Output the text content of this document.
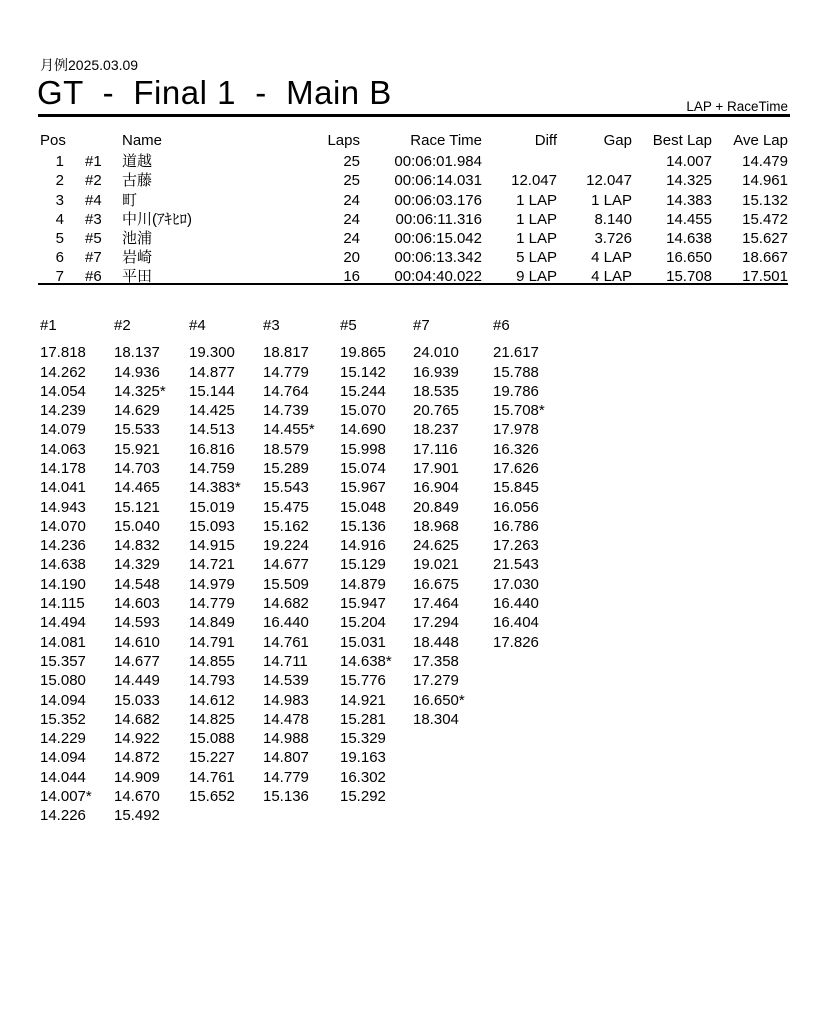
月例2025.03.09
GT  -  Final 1  -  Main B	LAP + RaceTime
Pos		Name	Laps	Race Time	Diff	Gap	Best Lap	Ave Lap
1	#1	道越	25	00:06:01.984			14.007	14.479
2	#2	古藤	25	00:06:14.031	12.047	12.047	14.325	14.961
3	#4	町	24	00:06:03.176	1 LAP	1 LAP	14.383	15.132
4	#3	中川(ｱｷﾋﾛ)	24	00:06:11.316	1 LAP	8.140	14.455	15.472
5	#5	池浦	24	00:06:15.042	1 LAP	3.726	14.638	15.627
6	#7	岩崎	20	00:06:13.342	5 LAP	4 LAP	16.650	18.667
7	#6	平田	16	00:04:40.022	9 LAP	4 LAP	15.708	17.501
#1	#2	#4	#3	#5	#7	#6
17.818	18.137	19.300	18.817	19.865	24.010	21.617
14.262	14.936	14.877	14.779	15.142	16.939	15.788
14.054	14.325*	15.144	14.764	15.244	18.535	19.786
14.239	14.629	14.425	14.739	15.070	20.765	15.708*
14.079	15.533	14.513	14.455*	14.690	18.237	17.978
14.063	15.921	16.816	18.579	15.998	17.116	16.326
14.178	14.703	14.759	15.289	15.074	17.901	17.626
14.041	14.465	14.383*	15.543	15.967	16.904	15.845
14.943	15.121	15.019	15.475	15.048	20.849	16.056
14.070	15.040	15.093	15.162	15.136	18.968	16.786
14.236	14.832	14.915	19.224	14.916	24.625	17.263
14.638	14.329	14.721	14.677	15.129	19.021	21.543
14.190	14.548	14.979	15.509	14.879	16.675	17.030
14.115	14.603	14.779	14.682	15.947	17.464	16.440
14.494	14.593	14.849	16.440	15.204	17.294	16.404
14.081	14.610	14.791	14.761	15.031	18.448	17.826
15.357	14.677	14.855	14.711	14.638*	17.358	
15.080	14.449	14.793	14.539	15.776	17.279	
14.094	15.033	14.612	14.983	14.921	16.650*	
15.352	14.682	14.825	14.478	15.281	18.304	
14.229	14.922	15.088	14.988	15.329		
14.094	14.872	15.227	14.807	19.163		
14.044	14.909	14.761	14.779	16.302		
14.007*	14.670	15.652	15.136	15.292		
14.226	15.492					
